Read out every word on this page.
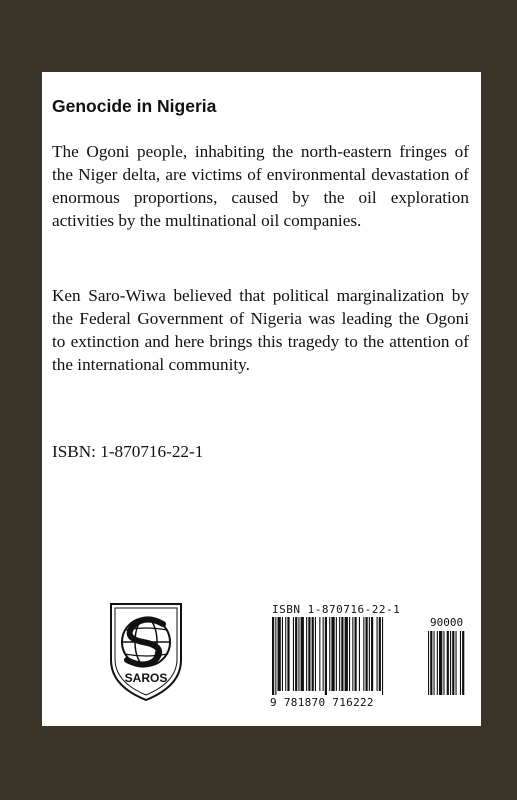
Genocide in Nigeria

The Ogoni people, inhabiting the north-eastern fringes of the Niger delta, are victims of environmental devastation of enormous proportions, caused by the oil exploration activities by the multinational oil companies.

Ken Saro-Wiwa believed that political marginalization by the Federal Government of Nigeria was leading the Ogoni to extinction and here brings this tragedy to the attention of the international community.

ISBN: 1-870716-22-1

SAROS
ISBN 1-870716-22-1
90000
9 781870 716222
